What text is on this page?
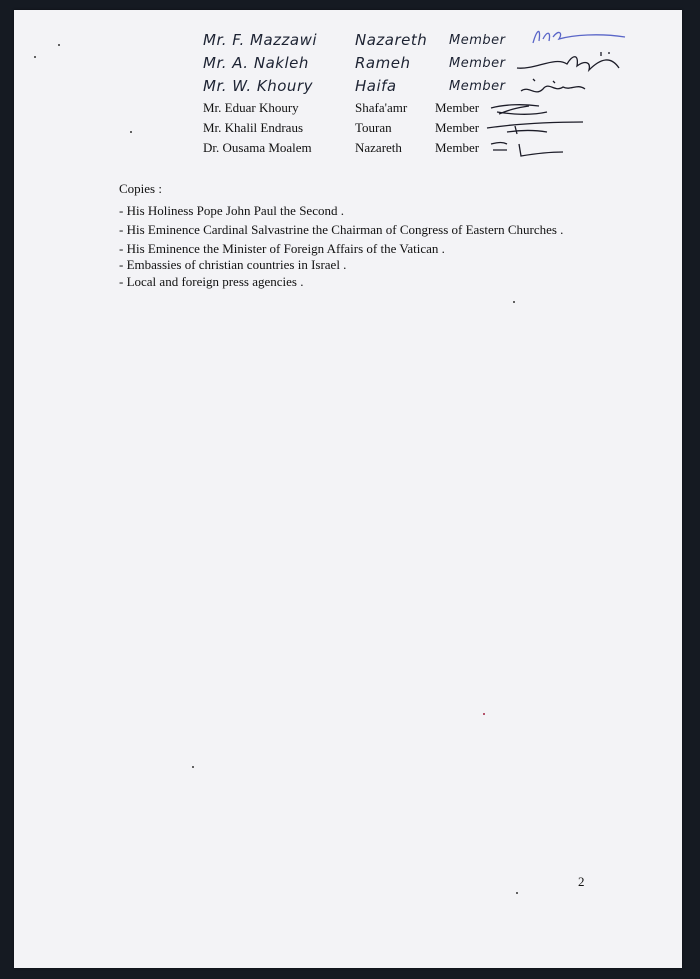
Mr. F. Mazzawi	Nazareth Member
Mr. A. Nakleh	Rameh	Member
Mr. W. Khoury	Haifa	Member
Mr. Eduar Khoury	Shafa'amr Member
Mr. Khalil Endraus	Touran	Member
Dr. Ousama Moalem	Nazareth	Member
Copies :
- His Holiness Pope John Paul the Second .
- His Eminence Cardinal Salvastrine the Chairman of Congress of Eastern Churches .
- His Eminence the Minister of Foreign Affairs of the Vatican .
- Embassies of christian countries in Israel .
- Local and foreign press agencies .
2
